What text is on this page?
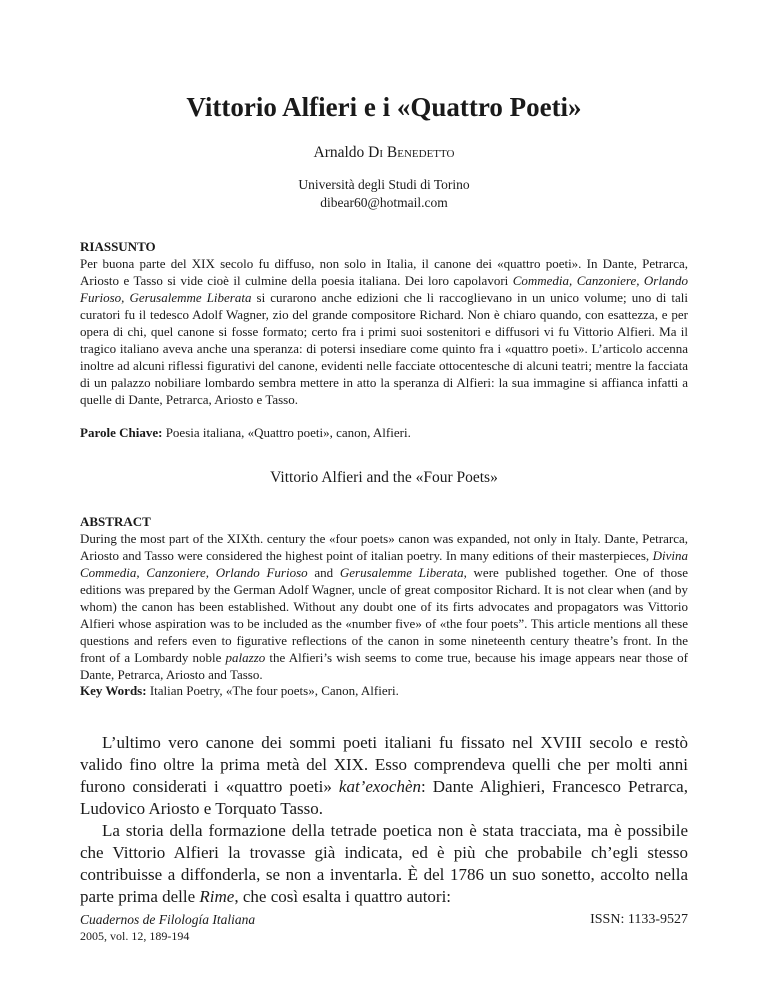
Vittorio Alfieri e i «Quattro Poeti»
Arnaldo Di Benedetto
Università degli Studi di Torino
dibear60@hotmail.com
RIASSUNTO

Per buona parte del XIX secolo fu diffuso, non solo in Italia, il canone dei «quattro poeti». In Dante, Petrarca, Ariosto e Tasso si vide cioè il culmine della poesia italiana. Dei loro capolavori Commedia, Canzoniere, Orlando Furioso, Gerusalemme Liberata si curarono anche edizioni che li raccoglievano in un unico volume; uno di tali curatori fu il tedesco Adolf Wagner, zio del grande compositore Richard. Non è chiaro quando, con esattezza, e per opera di chi, quel canone si fosse formato; certo fra i primi suoi sostenitori e diffusori vi fu Vittorio Alfieri. Ma il tragico italiano aveva anche una speranza: di potersi insediare come quinto fra i «quattro poeti». L’articolo accenna inoltre ad alcuni riflessi figurativi del canone, evidenti nelle facciate ottocentesche di alcuni teatri; mentre la facciata di un palazzo nobiliare lombardo sembra mettere in atto la speranza di Alfieri: la sua immagine si affianca infatti a quelle di Dante, Petrarca, Ariosto e Tasso.

Parole Chiave: Poesia italiana, «Quattro poeti», canon, Alfieri.
Vittorio Alfieri and the «Four Poets»
ABSTRACT

During the most part of the XIXth. century the «four poets» canon was expanded, not only in Italy. Dante, Petrarca, Ariosto and Tasso were considered the highest point of italian poetry. In many editions of their masterpieces, Divina Commedia, Canzoniere, Orlando Furioso and Gerusalemme Liberata, were published together. One of those editions was prepared by the German Adolf Wagner, uncle of great compositor Richard. It is not clear when (and by whom) the canon has been established. Without any doubt one of its firts advocates and propagators was Vittorio Alfieri whose aspiration was to be included as the «number five» of «the four poets”. This article mentions all these questions and refers even to figurative reflections of the canon in some nineteenth century theatre’s front. In the front of a Lombardy noble palazzo the Alfieri’s wish seems to come true, because his image appears near those of Dante, Petrarca, Ariosto and Tasso.

Key Words: Italian Poetry, «The four poets», Canon, Alfieri.

L’ultimo vero canone dei sommi poeti italiani fu fissato nel XVIII secolo e restò valido fino oltre la prima metà del XIX. Esso comprendeva quelli che per molti anni furono considerati i «quattro poeti» kat’exochèn: Dante Alighieri, Francesco Petrarca, Ludovico Ariosto e Torquato Tasso.

La storia della formazione della tetrade poetica non è stata tracciata, ma è possibile che Vittorio Alfieri la trovasse già indicata, ed è più che probabile ch’egli stesso contribuisse a diffonderla, se non a inventarla. È del 1786 un suo sonetto, accolto nella parte prima delle Rime, che così esalta i quattro autori:

Cuadernos de Filología Italiana
2005, vol. 12, 189-194
ISSN: 1133-9527
